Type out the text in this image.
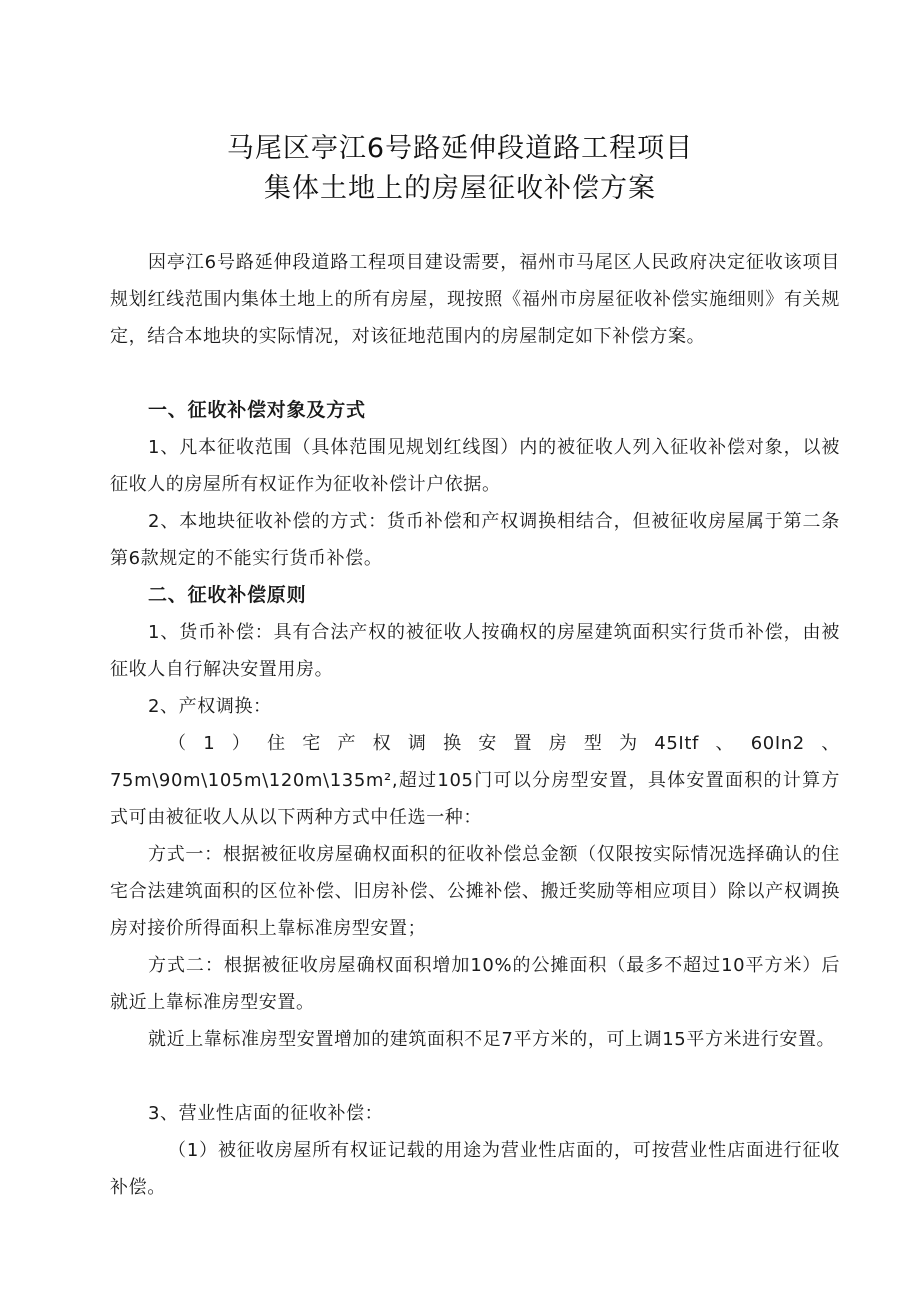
马尾区亭江6号路延伸段道路工程项目
集体土地上的房屋征收补偿方案
因亭江6号路延伸段道路工程项目建设需要，福州市马尾区人民政府决定征收该项目规划红线范围内集体土地上的所有房屋，现按照《福州市房屋征收补偿实施细则》有关规定，结合本地块的实际情况，对该征地范围内的房屋制定如下补偿方案。
一、征收补偿对象及方式
1、凡本征收范围（具体范围见规划红线图）内的被征收人列入征收补偿对象，以被征收人的房屋所有权证作为征收补偿计户依据。
2、本地块征收补偿的方式：货币补偿和产权调换相结合，但被征收房屋属于第二条第6款规定的不能实行货币补偿。
二、征收补偿原则
1、货币补偿：具有合法产权的被征收人按确权的房屋建筑面积实行货币补偿，由被征收人自行解决安置用房。
2、产权调换：
（1）住宅产权调换安置房型为45Itf、60In2、75m\90m\105m\120m\135m²,超过105门可以分房型安置，具体安置面积的计算方式可由被征收人从以下两种方式中任选一种：
方式一：根据被征收房屋确权面积的征收补偿总金额（仅限按实际情况选择确认的住宅合法建筑面积的区位补偿、旧房补偿、公摊补偿、搬迁奖励等相应项目）除以产权调换房对接价所得面积上靠标准房型安置；
方式二：根据被征收房屋确权面积增加10%的公摊面积（最多不超过10平方米）后就近上靠标准房型安置。
就近上靠标准房型安置增加的建筑面积不足7平方米的，可上调15平方米进行安置。
3、营业性店面的征收补偿：
（1）被征收房屋所有权证记载的用途为营业性店面的，可按营业性店面进行征收补偿。
